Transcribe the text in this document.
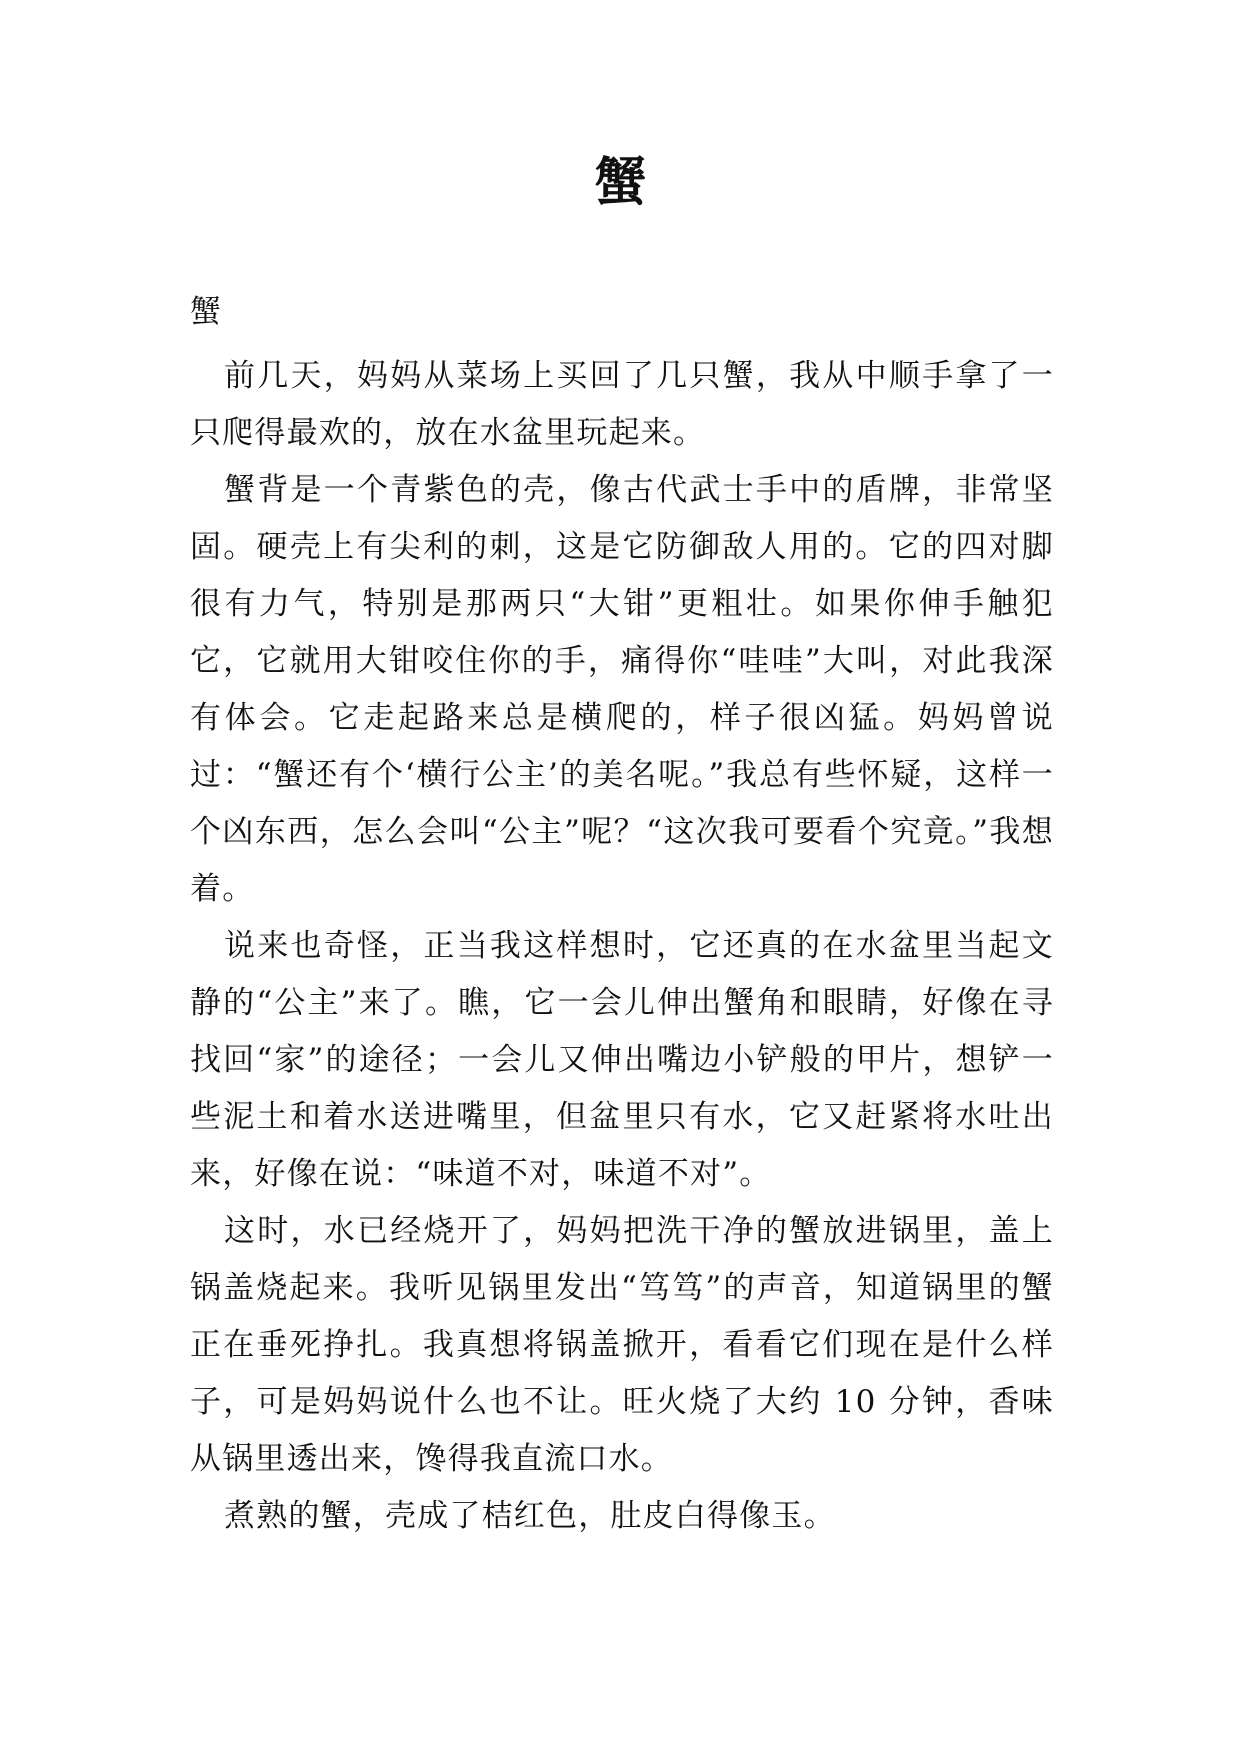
蟹

蟹

前几天，妈妈从菜场上买回了几只蟹，我从中顺手拿了一只爬得最欢的，放在水盆里玩起来。

蟹背是一个青紫色的壳，像古代武士手中的盾牌，非常坚固。硬壳上有尖利的刺，这是它防御敌人用的。它的四对脚很有力气，特别是那两只“大钳”更粗壮。如果你伸手触犯它，它就用大钳咬住你的手，痛得你“哇哇”大叫，对此我深有体会。它走起路来总是横爬的，样子很凶猛。妈妈曾说过：“蟹还有个‘横行公主’的美名呢。”我总有些怀疑，这样一个凶东西，怎么会叫“公主”呢？“这次我可要看个究竟。”我想着。

说来也奇怪，正当我这样想时，它还真的在水盆里当起文静的“公主”来了。瞧，它一会儿伸出蟹角和眼睛，好像在寻找回“家”的途径；一会儿又伸出嘴边小铲般的甲片，想铲一些泥土和着水送进嘴里，但盆里只有水，它又赶紧将水吐出来，好像在说：“味道不对，味道不对”。

这时，水已经烧开了，妈妈把洗干净的蟹放进锅里，盖上锅盖烧起来。我听见锅里发出“笃笃”的声音，知道锅里的蟹正在垂死挣扎。我真想将锅盖掀开，看看它们现在是什么样子，可是妈妈说什么也不让。旺火烧了大约 10 分钟，香味从锅里透出来，馋得我直流口水。

煮熟的蟹，壳成了桔红色，肚皮白得像玉。
